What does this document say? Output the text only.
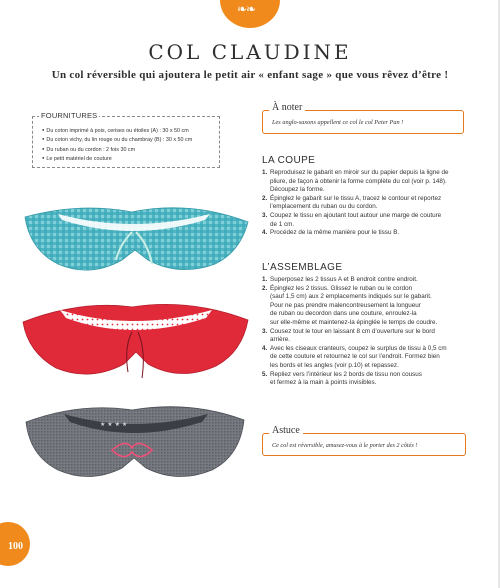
❧❧
COL CLAUDINE
Un col réversible qui ajoutera le petit air « enfant sage » que vous rêvez d’être !
FOURNITURES
● Du coton imprimé à pois, cerises ou étoiles (A) : 30 x 50 cm
● Du coton vichy, du lin rouge ou du chambray (B) : 30 x 50 cm
● Du ruban ou du cordon : 2 fois 30 cm
● Le petit matériel de couture
À noter
Les anglo-saxons appellent ce col le col Peter Pan !
LA COUPE
1. Reproduisez le gabarit en miroir sur du papier depuis la ligne de
pliure, de façon à obtenir la forme complète du col (voir p. 148).
Découpez la forme.
2. Épinglez le gabarit sur le tissu A, tracez le contour et reportez
l’emplacement du ruban ou du cordon.
3. Coupez le tissu en ajoutant tout autour une marge de couture
de 1 cm.
4. Procédez de la même manière pour le tissu B.
L’ASSEMBLAGE
1. Superposez les 2 tissus A et B endroit contre endroit.
2. Épinglez les 2 tissus. Glissez le ruban ou le cordon
(sauf 1,5 cm) aux 2 emplacements indiqués sur le gabarit.
Pour ne pas prendre malencontreusement la longueur
de ruban ou decordon dans une couture, enroulez-la
sur elle-même et maintenez-la épinglée le temps de coudre.
3. Cousez tout le tour en laissant 8 cm d’ouverture sur le bord
arrière.
4. Avec les ciseaux cranteurs, coupez le surplus de tissu à 0,5 cm
de cette couture et retournez le col sur l’endroit. Formez bien
les bords et les angles (voir p.10) et repassez.
5. Repliez vers l’intérieur les 2 bords de tissu non cousus
et fermez à la main à points invisibles.
Astuce
Ce col est réversible, amusez-vous à le porter des 2 côtés !
★ ★ ★ ★
100
